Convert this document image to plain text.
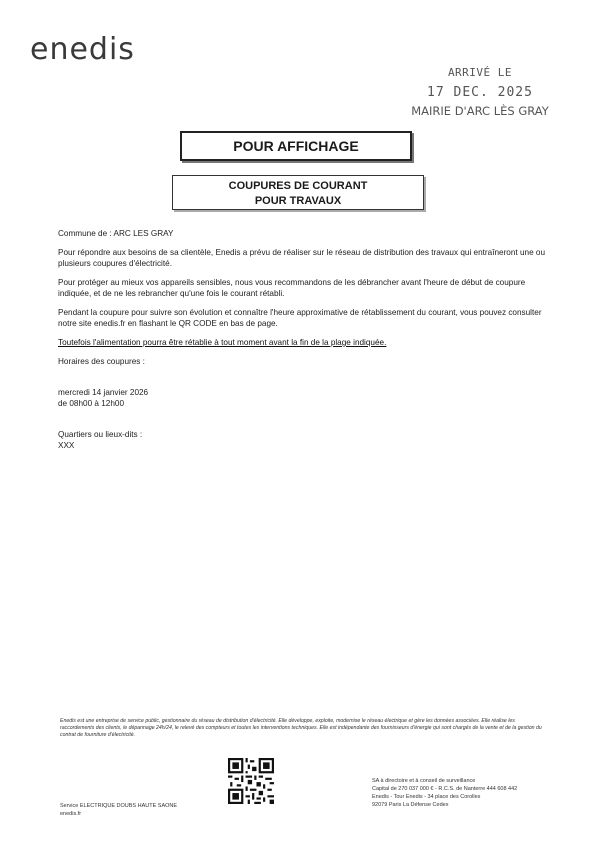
enedis
ARRIVÉ LE
17 DEC. 2025
MAIRIE D'ARC LÈS GRAY
POUR AFFICHAGE
COUPURES DE COURANT
POUR TRAVAUX

Commune de : ARC LES GRAY

Pour répondre aux besoins de sa clientèle, Enedis a prévu de réaliser sur le réseau de distribution des travaux qui entraîneront une ou plusieurs coupures d'électricité.

Pour protéger au mieux vos appareils sensibles, nous vous recommandons de les débrancher avant l'heure de début de coupure indiquée, et de ne les rebrancher qu'une fois le courant rétabli.

Pendant la coupure pour suivre son évolution et connaître l'heure approximative de rétablissement du courant, vous pouvez consulter notre site enedis.fr en flashant le QR CODE en bas de page.

Toutefois l'alimentation pourra être rétablie à tout moment avant la fin de la plage indiquée.

Horaires des coupures :

mercredi 14 janvier 2026

de 08h00 à 12h00

Quartiers ou lieux-dits :
XXX
Enedis est une entreprise de service public, gestionnaire du réseau de distribution d'électricité. Elle développe, exploite, modernise le réseau électrique et gère les données associées. Elle réalise les raccordements des clients, le dépannage 24h/24, le relevé des compteurs et toutes les interventions techniques. Elle est indépendante des fournisseurs d'énergie qui sont chargés de la vente et de la gestion du contrat de fourniture d'électricité.
Service ELECTRIQUE DOUBS HAUTE SAONE
enedis.fr
SA à directoire et à conseil de surveillance
Capital de 270 037 000 € - R.C.S. de Nanterre 444 608 442
Enedis - Tour Enedis - 34 place des Corolles
92079 Paris La Défense Cedex
